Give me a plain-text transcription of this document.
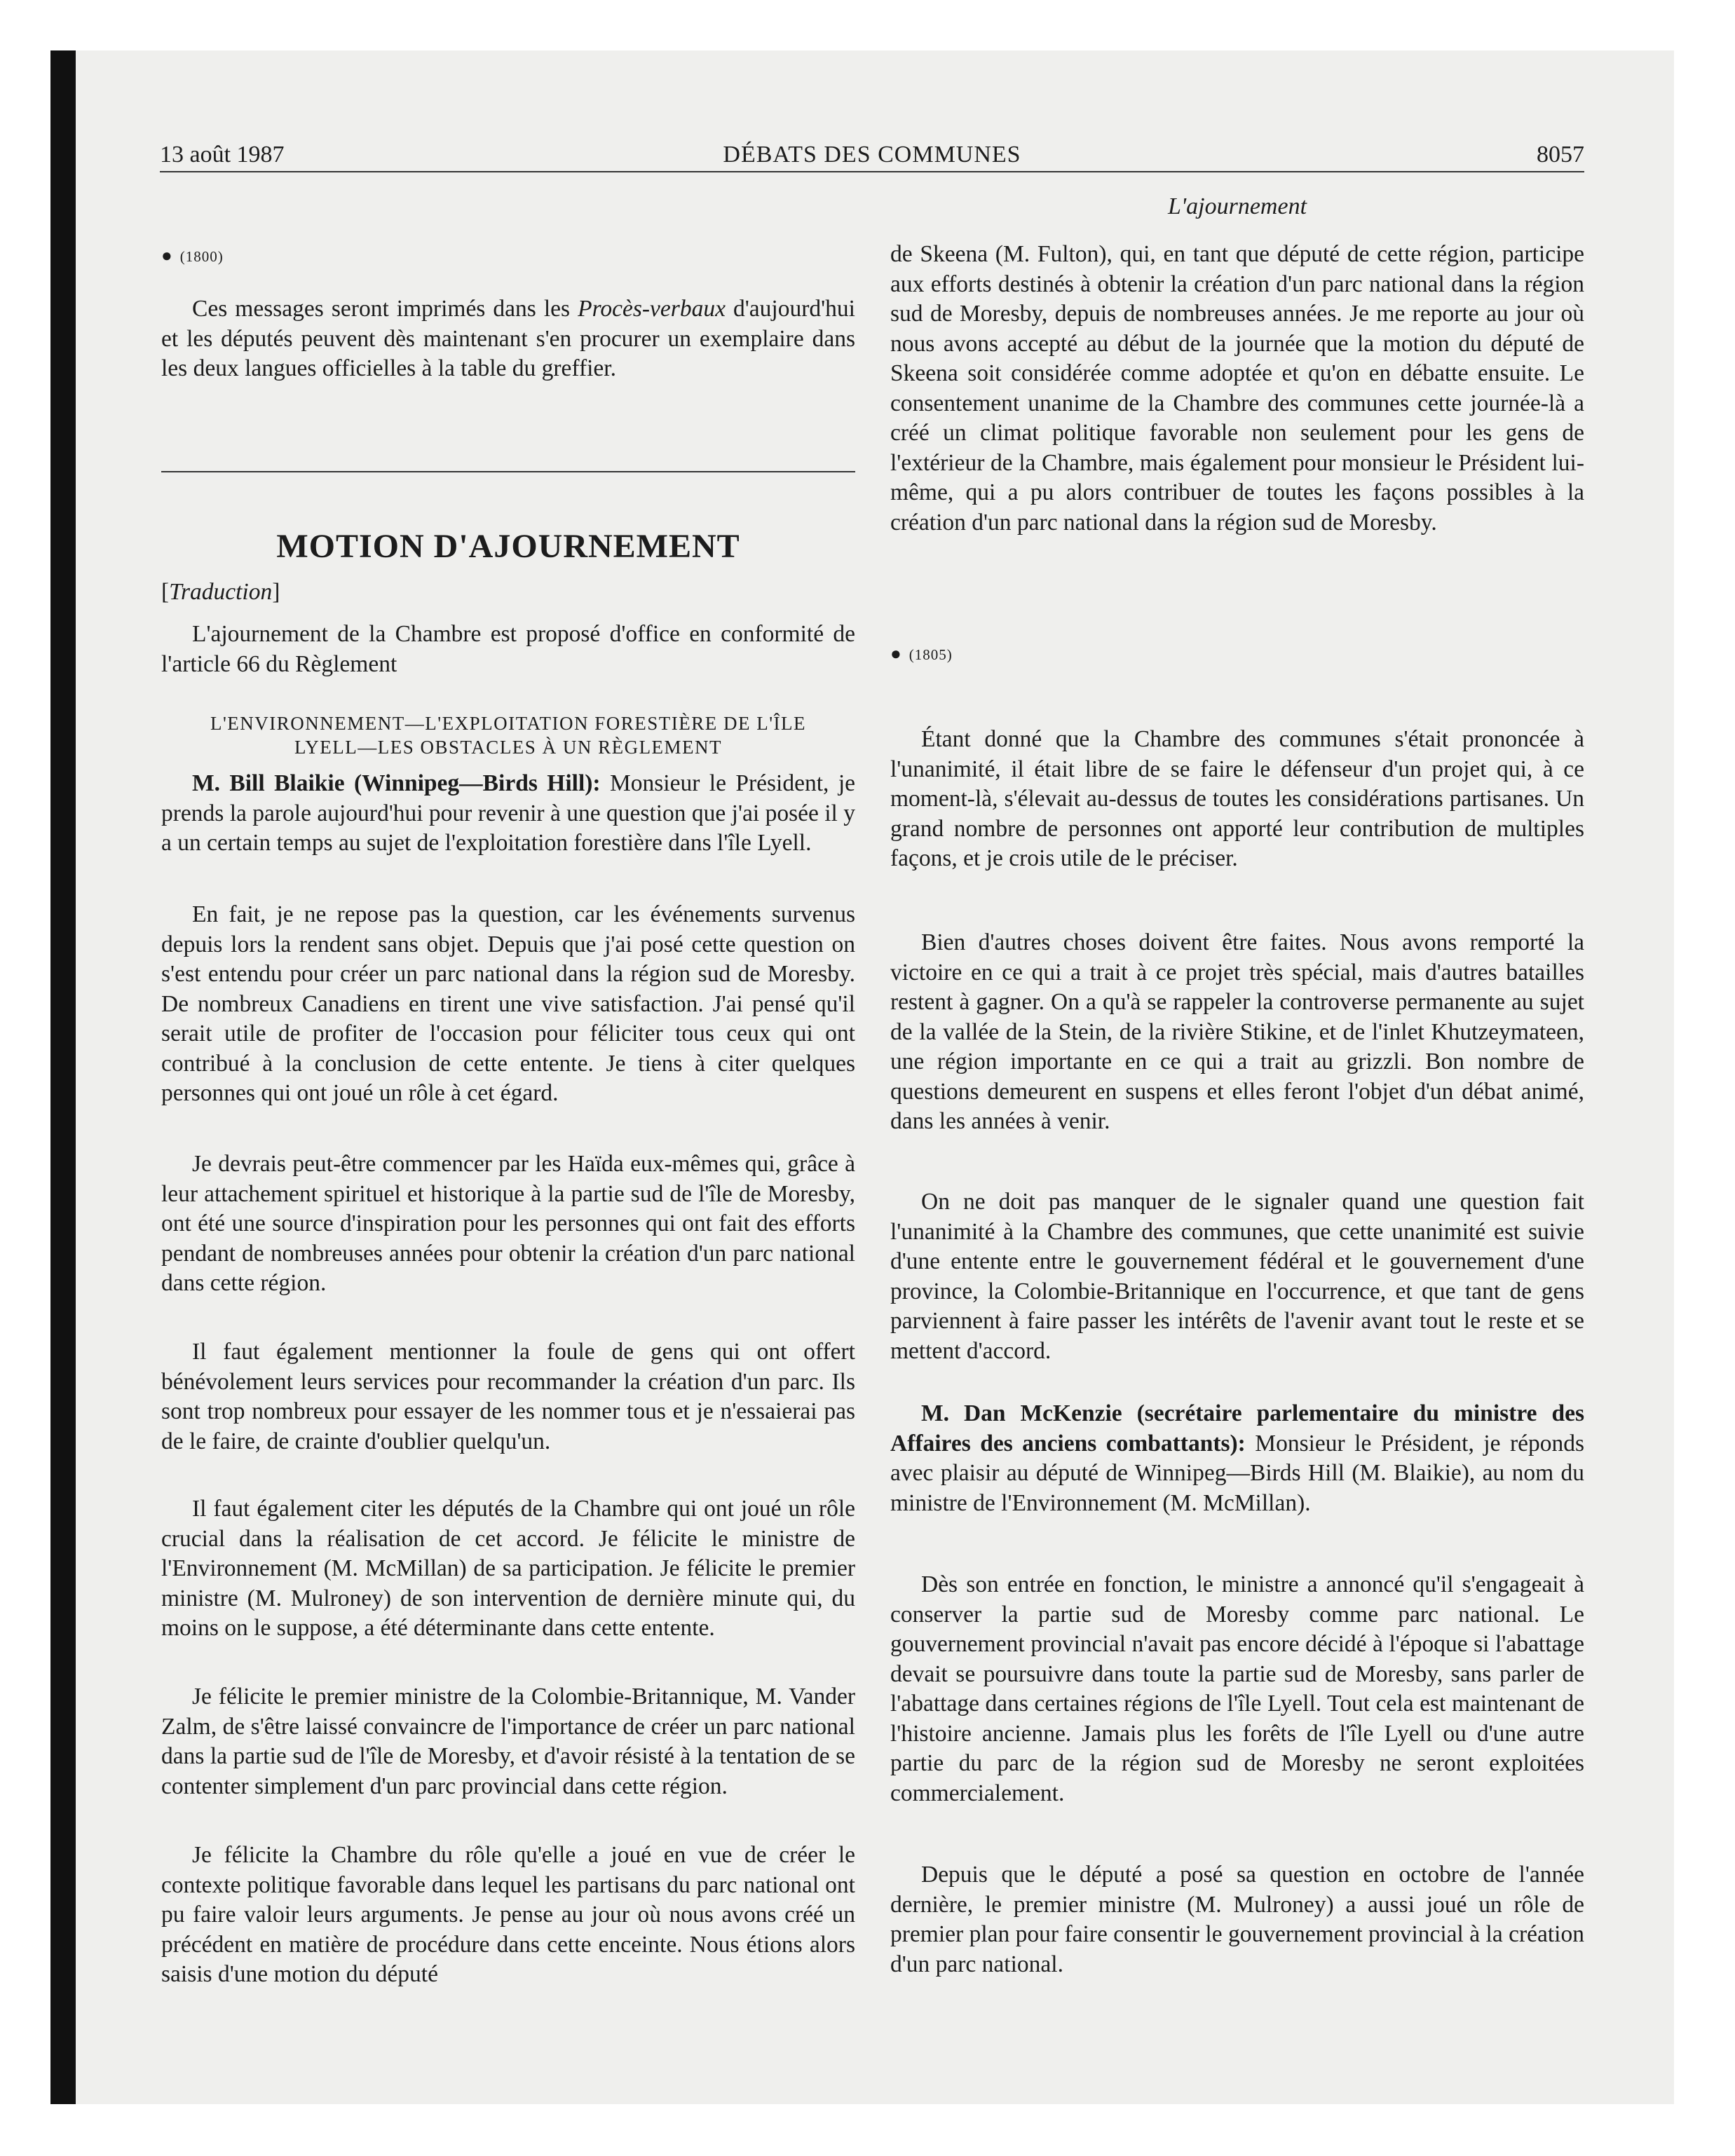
13 août 1987	DÉBATS DES COMMUNES	8057
L'ajournement
● (1800)

Ces messages seront imprimés dans les Procès-verbaux d'aujourd'hui et les députés peuvent dès maintenant s'en procurer un exemplaire dans les deux langues officielles à la table du greffier.

MOTION D'AJOURNEMENT
[Traduction]

L'ajournement de la Chambre est proposé d'office en conformité de l'article 66 du Règlement

L'ENVIRONNEMENT—L'EXPLOITATION FORESTIÈRE DE L'ÎLE
LYELL—LES OBSTACLES À UN RÈGLEMENT

M. Bill Blaikie (Winnipeg—Birds Hill): Monsieur le Président, je prends la parole aujourd'hui pour revenir à une question que j'ai posée il y a un certain temps au sujet de l'exploitation forestière dans l'île Lyell.

En fait, je ne repose pas la question, car les événements survenus depuis lors la rendent sans objet. Depuis que j'ai posé cette question on s'est entendu pour créer un parc national dans la région sud de Moresby. De nombreux Canadiens en tirent une vive satisfaction. J'ai pensé qu'il serait utile de profiter de l'occasion pour féliciter tous ceux qui ont contribué à la conclusion de cette entente. Je tiens à citer quelques personnes qui ont joué un rôle à cet égard.

Je devrais peut-être commencer par les Haïda eux-mêmes qui, grâce à leur attachement spirituel et historique à la partie sud de l'île de Moresby, ont été une source d'inspiration pour les personnes qui ont fait des efforts pendant de nombreuses années pour obtenir la création d'un parc national dans cette région.

Il faut également mentionner la foule de gens qui ont offert bénévolement leurs services pour recommander la création d'un parc. Ils sont trop nombreux pour essayer de les nommer tous et je n'essaierai pas de le faire, de crainte d'oublier quelqu'un.

Il faut également citer les députés de la Chambre qui ont joué un rôle crucial dans la réalisation de cet accord. Je félicite le ministre de l'Environnement (M. McMillan) de sa participation. Je félicite le premier ministre (M. Mulroney) de son intervention de dernière minute qui, du moins on le suppose, a été déterminante dans cette entente.

Je félicite le premier ministre de la Colombie-Britannique, M. Vander Zalm, de s'être laissé convaincre de l'importance de créer un parc national dans la partie sud de l'île de Moresby, et d'avoir résisté à la tentation de se contenter simplement d'un parc provincial dans cette région.

Je félicite la Chambre du rôle qu'elle a joué en vue de créer le contexte politique favorable dans lequel les partisans du parc national ont pu faire valoir leurs arguments. Je pense au jour où nous avons créé un précédent en matière de procédure dans cette enceinte. Nous étions alors saisis d'une motion du député

de Skeena (M. Fulton), qui, en tant que député de cette région, participe aux efforts destinés à obtenir la création d'un parc national dans la région sud de Moresby, depuis de nombreuses années. Je me reporte au jour où nous avons accepté au début de la journée que la motion du député de Skeena soit considérée comme adoptée et qu'on en débatte ensuite. Le consentement unanime de la Chambre des communes cette journée-là a créé un climat politique favorable non seulement pour les gens de l'extérieur de la Chambre, mais également pour monsieur le Président lui-même, qui a pu alors contribuer de toutes les façons possibles à la création d'un parc national dans la région sud de Moresby.

● (1805)

Étant donné que la Chambre des communes s'était prononcée à l'unanimité, il était libre de se faire le défenseur d'un projet qui, à ce moment-là, s'élevait au-dessus de toutes les considérations partisanes. Un grand nombre de personnes ont apporté leur contribution de multiples façons, et je crois utile de le préciser.

Bien d'autres choses doivent être faites. Nous avons remporté la victoire en ce qui a trait à ce projet très spécial, mais d'autres batailles restent à gagner. On a qu'à se rappeler la controverse permanente au sujet de la vallée de la Stein, de la rivière Stikine, et de l'inlet Khutzeymateen, une région importante en ce qui a trait au grizzli. Bon nombre de questions demeurent en suspens et elles feront l'objet d'un débat animé, dans les années à venir.

On ne doit pas manquer de le signaler quand une question fait l'unanimité à la Chambre des communes, que cette unanimité est suivie d'une entente entre le gouvernement fédéral et le gouvernement d'une province, la Colombie-Britannique en l'occurrence, et que tant de gens parviennent à faire passer les intérêts de l'avenir avant tout le reste et se mettent d'accord.

M. Dan McKenzie (secrétaire parlementaire du ministre des Affaires des anciens combattants): Monsieur le Président, je réponds avec plaisir au député de Winnipeg—Birds Hill (M. Blaikie), au nom du ministre de l'Environnement (M. McMillan).

Dès son entrée en fonction, le ministre a annoncé qu'il s'engageait à conserver la partie sud de Moresby comme parc national. Le gouvernement provincial n'avait pas encore décidé à l'époque si l'abattage devait se poursuivre dans toute la partie sud de Moresby, sans parler de l'abattage dans certaines régions de l'île Lyell. Tout cela est maintenant de l'histoire ancienne. Jamais plus les forêts de l'île Lyell ou d'une autre partie du parc de la région sud de Moresby ne seront exploitées commercialement.

Depuis que le député a posé sa question en octobre de l'année dernière, le premier ministre (M. Mulroney) a aussi joué un rôle de premier plan pour faire consentir le gouvernement provincial à la création d'un parc national.
